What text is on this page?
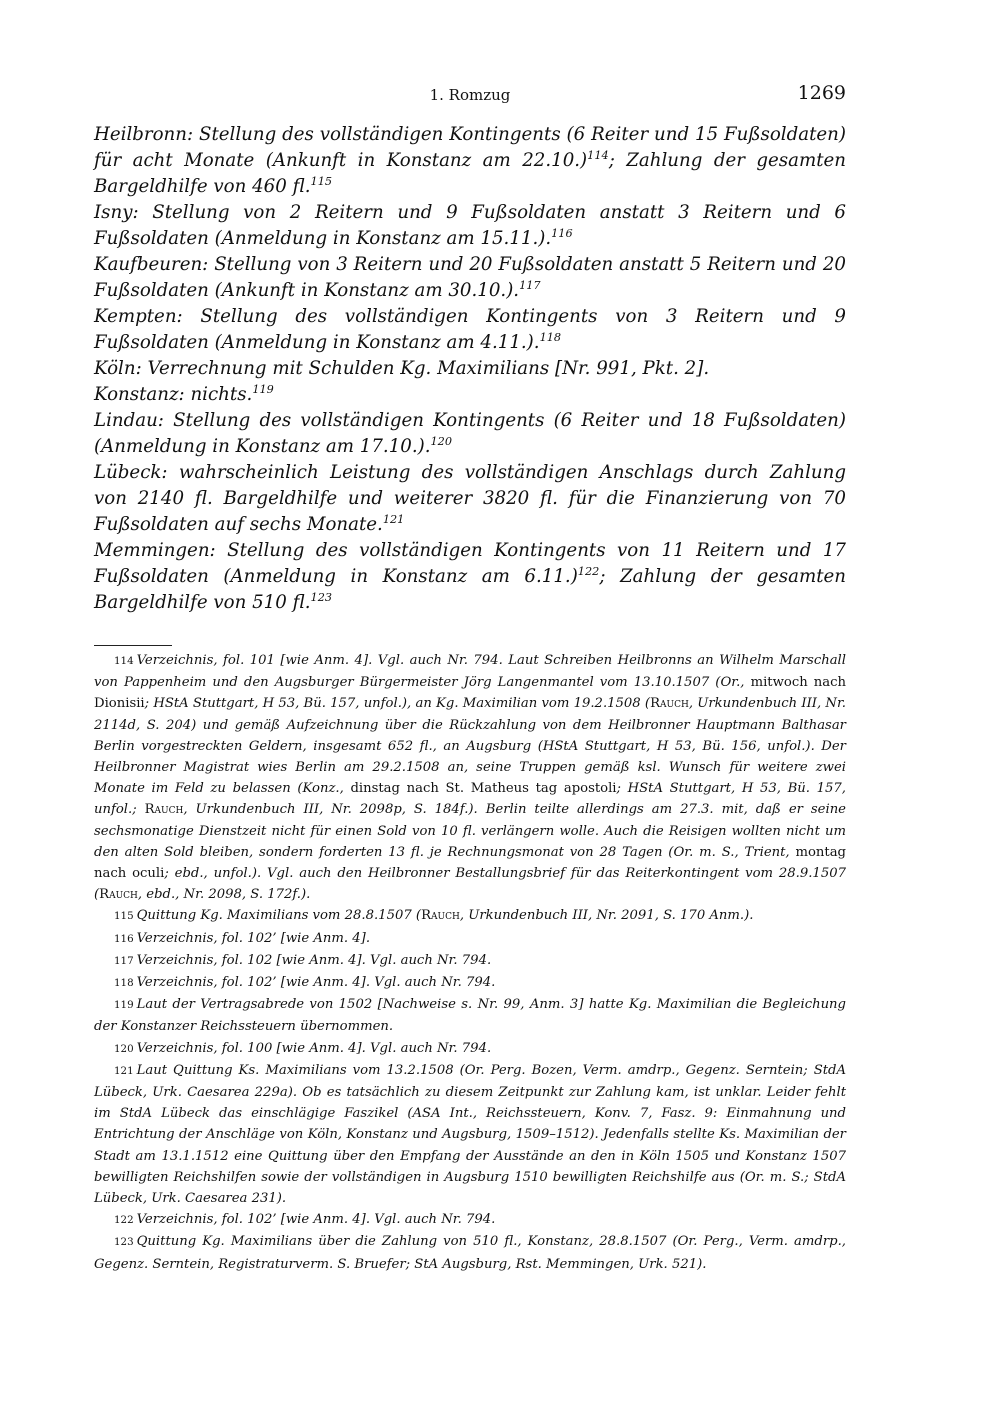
1. Romzug	1269

Heilbronn: Stellung des vollständigen Kontingents (6 Reiter und 15 Fußsoldaten) für acht Monate (Ankunft in Konstanz am 22.10.)$^{114}$; Zahlung der gesamten Bargeldhilfe von 460 fl.$^{115}$

Isny: Stellung von 2 Reitern und 9 Fußsoldaten anstatt 3 Reitern und 6 Fußsoldaten (Anmeldung in Konstanz am 15.11.).$^{116}$

Kaufbeuren: Stellung von 3 Reitern und 20 Fußsoldaten anstatt 5 Reitern und 20 Fußsoldaten (Ankunft in Konstanz am 30.10.).$^{117}$

Kempten: Stellung des vollständigen Kontingents von 3 Reitern und 9 Fußsoldaten (Anmeldung in Konstanz am 4.11.).$^{118}$

Köln: Verrechnung mit Schulden Kg. Maximilians [Nr. 991, Pkt. 2].

Konstanz: nichts.$^{119}$

Lindau: Stellung des vollständigen Kontingents (6 Reiter und 18 Fußsoldaten) (Anmeldung in Konstanz am 17.10.).$^{120}$

Lübeck: wahrscheinlich Leistung des vollständigen Anschlags durch Zahlung von 2140 fl. Bargeldhilfe und weiterer 3820 fl. für die Finanzierung von 70 Fußsoldaten auf sechs Monate.$^{121}$

Memmingen: Stellung des vollständigen Kontingents von 11 Reitern und 17 Fußsoldaten (Anmeldung in Konstanz am 6.11.)$^{122}$; Zahlung der gesamten Bargeldhilfe von 510 fl.$^{123}$

114 Verzeichnis, fol. 101 [wie Anm. 4]. Vgl. auch Nr. 794. Laut Schreiben Heilbronns an Wilhelm Marschall von Pappenheim und den Augsburger Bürgermeister Jörg Langenmantel vom 13.10.1507 (Or., mitwoch nach Dionisii; HStA Stuttgart, H 53, Bü. 157, unfol.), an Kg. Maximilian vom 19.2.1508 (Rauch, Urkundenbuch III, Nr. 2114d, S. 204) und gemäß Aufzeichnung über die Rückzahlung von dem Heilbronner Hauptmann Balthasar Berlin vorgestreckten Geldern, insgesamt 652 fl., an Augsburg (HStA Stuttgart, H 53, Bü. 156, unfol.). Der Heilbronner Magistrat wies Berlin am 29.2.1508 an, seine Truppen gemäß ksl. Wunsch für weitere zwei Monate im Feld zu belassen (Konz., dinstag nach St. Matheus tag apostoli; HStA Stuttgart, H 53, Bü. 157, unfol.; Rauch, Urkundenbuch III, Nr. 2098p, S. 184f.). Berlin teilte allerdings am 27.3. mit, daß er seine sechsmonatige Dienstzeit nicht für einen Sold von 10 fl. verlängern wolle. Auch die Reisigen wollten nicht um den alten Sold bleiben, sondern forderten 13 fl. je Rechnungsmonat von 28 Tagen (Or. m. S., Trient, montag nach oculi; ebd., unfol.). Vgl. auch den Heilbronner Bestallungsbrief für das Reiterkontingent vom 28.9.1507 (Rauch, ebd., Nr. 2098, S. 172f.).

115 Quittung Kg. Maximilians vom 28.8.1507 (Rauch, Urkundenbuch III, Nr. 2091, S. 170 Anm.).

116 Verzeichnis, fol. 102’ [wie Anm. 4].

117 Verzeichnis, fol. 102 [wie Anm. 4]. Vgl. auch Nr. 794.

118 Verzeichnis, fol. 102’ [wie Anm. 4]. Vgl. auch Nr. 794.

119 Laut der Vertragsabrede von 1502 [Nachweise s. Nr. 99, Anm. 3] hatte Kg. Maximilian die Begleichung der Konstanzer Reichssteuern übernommen.

120 Verzeichnis, fol. 100 [wie Anm. 4]. Vgl. auch Nr. 794.

121 Laut Quittung Ks. Maximilians vom 13.2.1508 (Or. Perg. Bozen, Verm. amdrp., Gegenz. Serntein; StdA Lübeck, Urk. Caesarea 229a). Ob es tatsächlich zu diesem Zeitpunkt zur Zahlung kam, ist unklar. Leider fehlt im StdA Lübeck das einschlägige Faszikel (ASA Int., Reichssteuern, Konv. 7, Fasz. 9: Einmahnung und Entrichtung der Anschläge von Köln, Konstanz und Augsburg, 1509–1512). Jedenfalls stellte Ks. Maximilian der Stadt am 13.1.1512 eine Quittung über den Empfang der Ausstände an den in Köln 1505 und Konstanz 1507 bewilligten Reichshilfen sowie der vollständigen in Augsburg 1510 bewilligten Reichshilfe aus (Or. m. S.; StdA Lübeck, Urk. Caesarea 231).

122 Verzeichnis, fol. 102’ [wie Anm. 4]. Vgl. auch Nr. 794.

123 Quittung Kg. Maximilians über die Zahlung von 510 fl., Konstanz, 28.8.1507 (Or. Perg., Verm. amdrp., Gegenz. Serntein, Registraturverm. S. Bruefer; StA Augsburg, Rst. Memmingen, Urk. 521).
